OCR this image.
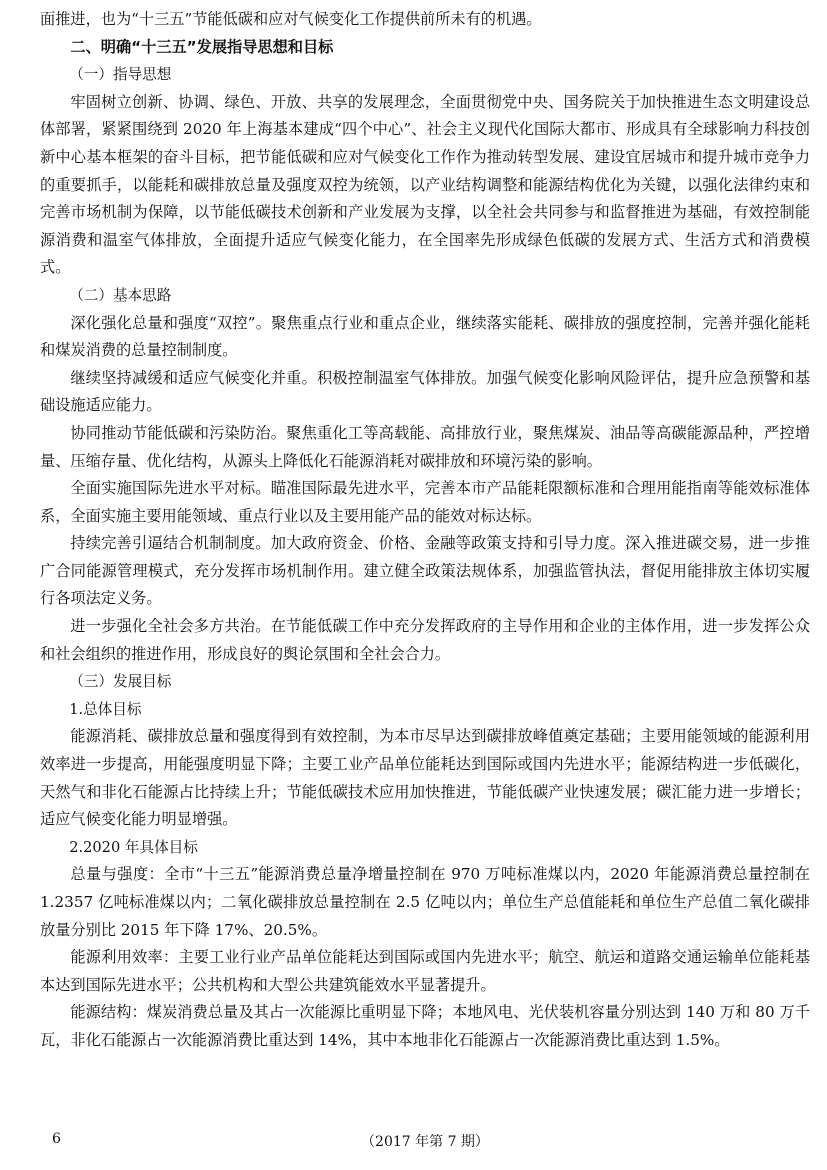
面推进，也为“十三五”节能低碳和应对气候变化工作提供前所未有的机遇。

二、明确“十三五”发展指导思想和目标

（一）指导思想

牢固树立创新、协调、绿色、开放、共享的发展理念，全面贯彻党中央、国务院关于加快推进生态文明建设总体部署，紧紧围绕到 2020 年上海基本建成“四个中心”、社会主义现代化国际大都市、形成具有全球影响力科技创新中心基本框架的奋斗目标，把节能低碳和应对气候变化工作作为推动转型发展、建设宜居城市和提升城市竞争力的重要抓手，以能耗和碳排放总量及强度双控为统领，以产业结构调整和能源结构优化为关键，以强化法律约束和完善市场机制为保障，以节能低碳技术创新和产业发展为支撑，以全社会共同参与和监督推进为基础，有效控制能源消费和温室气体排放，全面提升适应气候变化能力，在全国率先形成绿色低碳的发展方式、生活方式和消费模式。

（二）基本思路

深化强化总量和强度“双控”。聚焦重点行业和重点企业，继续落实能耗、碳排放的强度控制，完善并强化能耗和煤炭消费的总量控制制度。

继续坚持减缓和适应气候变化并重。积极控制温室气体排放。加强气候变化影响风险评估，提升应急预警和基础设施适应能力。

协同推动节能低碳和污染防治。聚焦重化工等高载能、高排放行业，聚焦煤炭、油品等高碳能源品种，严控增量、压缩存量、优化结构，从源头上降低化石能源消耗对碳排放和环境污染的影响。

全面实施国际先进水平对标。瞄准国际最先进水平，完善本市产品能耗限额标准和合理用能指南等能效标准体系，全面实施主要用能领域、重点行业以及主要用能产品的能效对标达标。

持续完善引逼结合机制制度。加大政府资金、价格、金融等政策支持和引导力度。深入推进碳交易，进一步推广合同能源管理模式，充分发挥市场机制作用。建立健全政策法规体系，加强监管执法，督促用能排放主体切实履行各项法定义务。

进一步强化全社会多方共治。在节能低碳工作中充分发挥政府的主导作用和企业的主体作用，进一步发挥公众和社会组织的推进作用，形成良好的舆论氛围和全社会合力。

（三）发展目标

1.总体目标

能源消耗、碳排放总量和强度得到有效控制，为本市尽早达到碳排放峰值奠定基础；主要用能领域的能源利用效率进一步提高，用能强度明显下降；主要工业产品单位能耗达到国际或国内先进水平；能源结构进一步低碳化，天然气和非化石能源占比持续上升；节能低碳技术应用加快推进，节能低碳产业快速发展；碳汇能力进一步增长；适应气候变化能力明显增强。

2.2020 年具体目标

总量与强度：全市“十三五”能源消费总量净增量控制在 970 万吨标准煤以内，2020 年能源消费总量控制在 1.2357 亿吨标准煤以内；二氧化碳排放总量控制在 2.5 亿吨以内；单位生产总值能耗和单位生产总值二氧化碳排放量分别比 2015 年下降 17%、20.5%。

能源利用效率：主要工业行业产品单位能耗达到国际或国内先进水平；航空、航运和道路交通运输单位能耗基本达到国际先进水平；公共机构和大型公共建筑能效水平显著提升。

能源结构：煤炭消费总量及其占一次能源比重明显下降；本地风电、光伏装机容量分别达到 140 万和 80 万千瓦，非化石能源占一次能源消费比重达到 14%，其中本地非化石能源占一次能源消费比重达到 1.5%。

6	（2017 年第 7 期）
